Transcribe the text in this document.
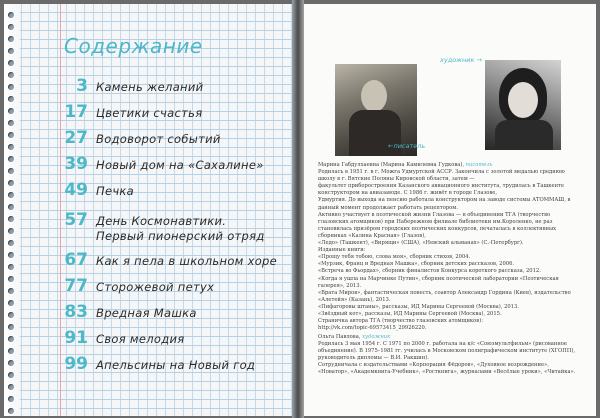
Содержание
3 Камень желаний
17 Цветики счастья
27 Водоворот событий
39 Новый дом на «Сахалине»
49 Печка
57 День Космонавтики.
Первый пионерский отряд
67 Как я пела в школьном хоре
77 Сторожевой петух
83 Вредная Машка
91 Своя мелодия
99 Апельсины на Новый год
художник →
←писатель

Марина Габдулхаевна (Марина Камилевна Гудкова), писатель

Родилась в 1951 г. в г. Можга Удмуртской АССР. Закончила с золотой медалью среднюю школу в г. Вятские Поляны Кировской области, затем —

факультет приборостроения Казанского авиационного института, трудилась в Ташкенте конструктором на авиазаводе. С 1986 г. живёт в городе Глазове,

Удмуртия. До выхода на пенсию работала конструктором на заводе системы АТОММАШ, в данный момент продолжает работать рецептором.

Активно участвует в поэтической жизни Глазова — в объединении ТГА (творчество глазовских атомщиков) при Набережном филиале библиотеки им.Короленко, не раз становилась призёром городских поэтических конкурсов, печаталась в коллективных сборниках «Калина Красная» (Глазов),

«Ледо» (Ташкент), «Вирящи» (США), «Невский альманах» (С.-Петербург).

Изданные книги:

«Прощу тебя тобою, слова моя», сборник стихов, 2004.

«Мурзик, Франц и Вредная Машка», сборник детских рассказов, 2006.

«Встреча во Фьордах», сборник финалистов Конкурса короткого рассказа, 2012.

«Когда я ушла на Марчинке Путин», сборник поэтической лаборатории «Поэтическая галерея», 2013.

«Врата Миров», фантастическая повесть, соавтор Александр Гордина (Киев), издательство «Алетейя» (Казань), 2013.

«Пифагоровы штаны», рассказы, ИД Марины Сергеевой (Москва), 2013.

«Звёздный кот», рассказы, ИД Марины Сергеевой (Москва), 2015.

Страничка автора ТГА (творчество глазовских атомщиков):

http://vk.com/topic-69573415_29926220.

Ольга Павлова, художник

Родилась 3 мая 1954 г. С 1971 по 2000 г. работала на к/с «Союзмультфильм» (рисованное объединение). В 1975–1981 гг. училась в Московском полиграфическом институте (ХГОПП), руководитель дипломы — В.И. Ракшин).

Сотрудничала с издательствами «Корпорация Фёдоров», «Духовное возрождение», «Новатор», «Академкнига-Учебник», «Росткнига», журналами «Весёлые уроки», «Читайка».
